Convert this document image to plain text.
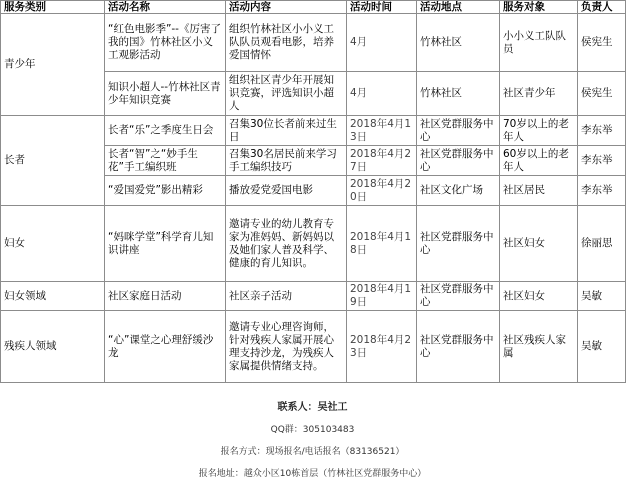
服务类别	活动名称	活动内容	活动时间	活动地点	服务对象	负责人
青少年	“红色电影季”--《厉害了我的国》竹林社区小义工观影活动	组织竹林社区小小义工队队员观看电影，培养爱国情怀	4月	竹林社区	小小义工队队员	侯宪生
	知识小超人--竹林社区青少年知识竞赛	组织社区青少年开展知识竞赛，评选知识小超人	4月	竹林社区	社区青少年	侯宪生
长者	长者“乐”之季度生日会	召集30位长者前来过生日	2018年4月13日	社区党群服务中心	70岁以上的老年人	李东举
	长者“智”之“妙手生花”手工编织班	召集30名居民前来学习手工编织技巧	2018年4月27日	社区党群服务中心	60岁以上的老年人	李东举
	“爱国爱党”影出精彩	播放爱党爱国电影	2018年4月20日	社区文化广场	社区居民	李东举
妇女	“妈咪学堂”科学育儿知识讲座	邀请专业的幼儿教育专家为准妈妈、新妈妈以及她们家人普及科学、健康的育儿知识。	2018年4月18日	社区党群服务中心	社区妇女	徐丽思
妇女领域	社区家庭日活动	社区亲子活动	2018年4月19日	社区党群服务中心	社区妇女	吴敏
残疾人领域	“心”课堂之心理舒缓沙龙	邀请专业心理咨询师，针对残疾人家属开展心理支持沙龙，为残疾人家属提供情绪支持。	2018年4月23日	社区党群服务中心	社区残疾人家属	吴敏
联系人：吴社工
QQ群：305103483
报名方式：现场报名/电话报名（83136521）
报名地址：越众小区10栋首层（竹林社区党群服务中心）
